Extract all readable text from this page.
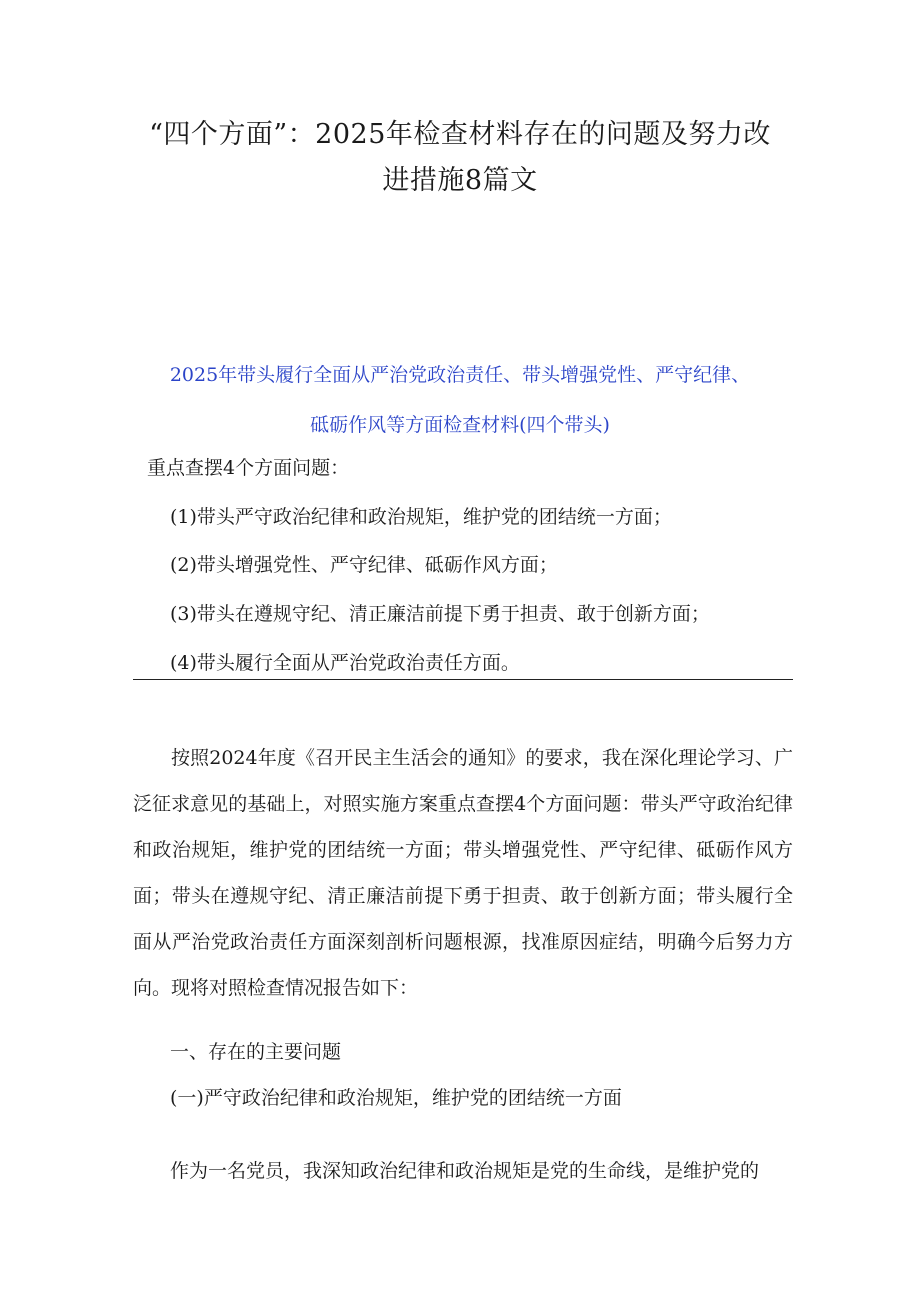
“四个方面”：2025年检查材料存在的问题及努力改
进措施8篇文
2025年带头履行全面从严治党政治责任、带头增强党性、严守纪律、
砥砺作风等方面检查材料(四个带头)
重点查摆4个方面问题：
(1)带头严守政治纪律和政治规矩，维护党的团结统一方面；
(2)带头增强党性、严守纪律、砥砺作风方面；
(3)带头在遵规守纪、清正廉洁前提下勇于担责、敢于创新方面；
(4)带头履行全面从严治党政治责任方面。
按照2024年度《召开民主生活会的通知》的要求，我在深化理论学习、广泛征求意见的基础上，对照实施方案重点查摆4个方面问题：带头严守政治纪律和政治规矩，维护党的团结统一方面；带头增强党性、严守纪律、砥砺作风方面；带头在遵规守纪、清正廉洁前提下勇于担责、敢于创新方面；带头履行全面从严治党政治责任方面深刻剖析问题根源，找准原因症结，明确今后努力方向。现将对照检查情况报告如下：
一、存在的主要问题
(一)严守政治纪律和政治规矩，维护党的团结统一方面
作为一名党员，我深知政治纪律和政治规矩是党的生命线，是维护党的
